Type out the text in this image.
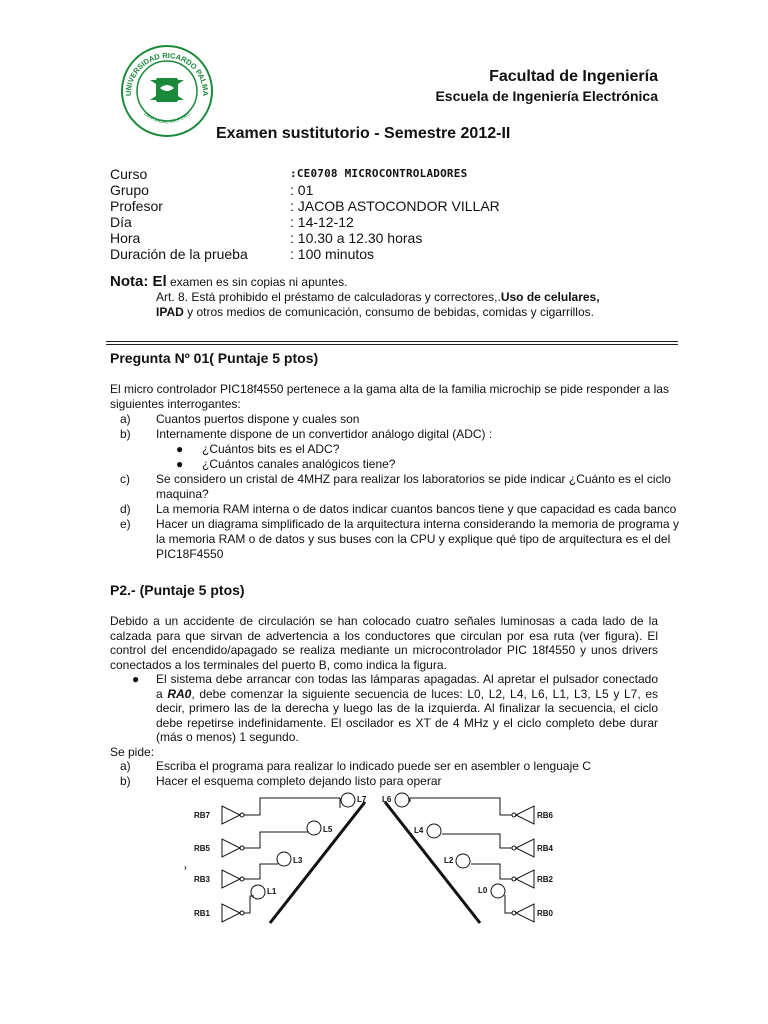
UNIVERSIDAD RICARDO PALMA
LIMA.MCMLXIX.PERU
Facultad de Ingeniería
Escuela de Ingeniería Electrónica
Examen sustitutorio - Semestre 2012-II
Curso	:CE0708 MICROCONTROLADORES
Grupo	: 01
Profesor	: JACOB ASTOCONDOR VILLAR
Día	: 14-12-12
Hora	: 10.30 a 12.30 horas
Duración de la prueba	: 100 minutos
Nota: El examen es sin copias ni apuntes.
Art. 8. Está prohibido el préstamo de calculadoras y correctores,.Uso de celulares,
IPAD y otros medios de comunicación, consumo de bebidas, comidas y cigarrillos.
Pregunta Nº 01( Puntaje 5 ptos)
El micro controlador PIC18f4550 pertenece a la gama alta de la familia microchip se pide responder a las siguientes interrogantes:
a)	Cuantos puertos dispone y cuales son
b)	Internamente dispone de un convertidor análogo digital (ADC) :
●	¿Cuántos bits es el ADC?
●	¿Cuántos canales analógicos tiene?
c)	Se considero un cristal de 4MHZ para realizar los laboratorios se pide indicar ¿Cuánto es el ciclo maquina?
d)	La memoria RAM interna o de datos indicar cuantos bancos tiene y que capacidad es cada banco
e)	Hacer un diagrama simplificado de la arquitectura interna considerando la memoria de programa y la memoria RAM o de datos y sus buses con la CPU y explique qué tipo de arquitectura es el del PIC18F4550
P2.- (Puntaje 5 ptos)
Debido a un accidente de circulación se han colocado cuatro señales luminosas a cada lado de la calzada para que sirvan de advertencia a los conductores que circulan por esa ruta (ver figura). El control del encendido/apagado se realiza mediante un microcontrolador PIC 18f4550 y unos drivers conectados a los terminales del puerto B, como indica la figura.
●	El sistema debe arrancar con todas las lámparas apagadas. Al apretar el pulsador conectado a RA0, debe comenzar la siguiente secuencia de luces: L0, L2, L4, L6, L1, L3, L5 y L7, es decir, primero las de la derecha y luego las de la izquierda. Al finalizar la secuencia, el ciclo debe repetirse indefinidamente. El oscilador es XT de 4 MHz y el ciclo completo debe durar (más o menos) 1 segundo.
Se pide:
a)	Escriba el programa para realizar lo indicado puede ser en asembler o lenguaje C
b)	Hacer el esquema completo dejando listo para operar
›
RB7
L7
RB5
L5
RB3
L3
RB1
L1
L6
RB6
L4
RB4
L2
RB2
L0
RB0
